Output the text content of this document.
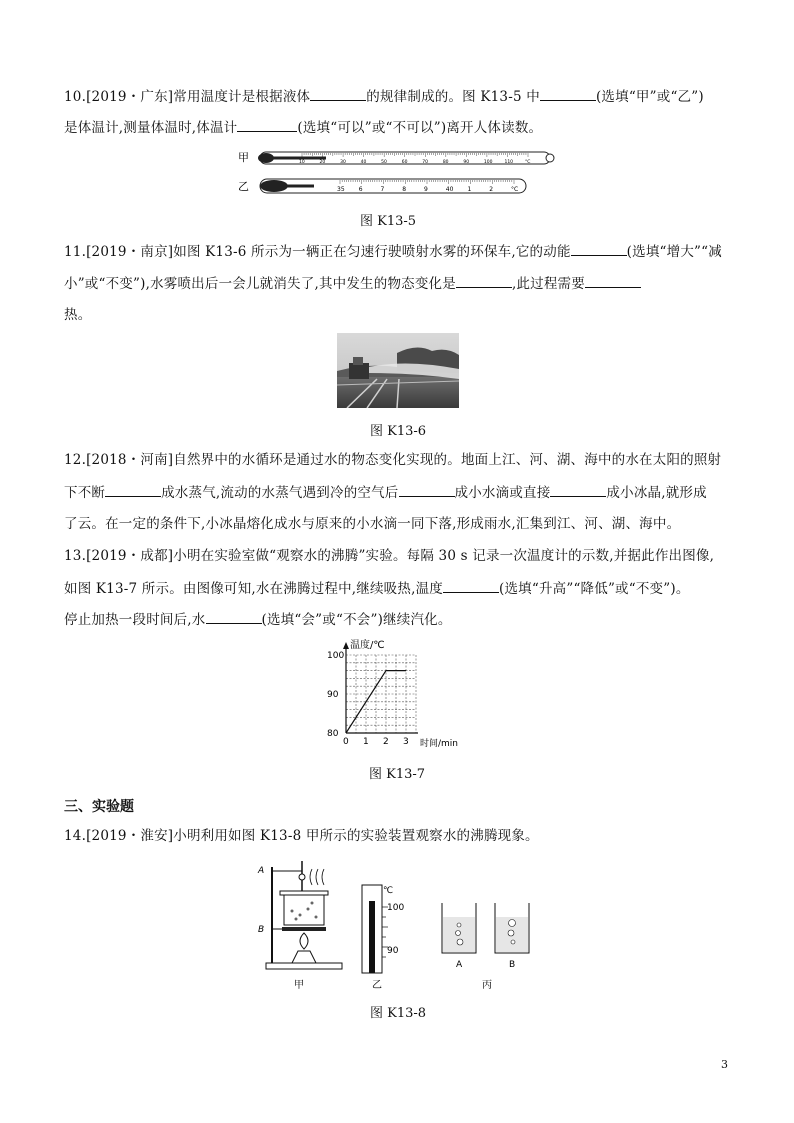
10.[2019・广东]常用温度计是根据液体	的规律制成的。图 K13-5 中	(选填“甲”或“乙”)
是体温计,测量体温时,体温计	(选填“可以”或“不可以”)离开人体读数。
甲
乙
10	20	30	40	50	60	70	80	90	100	110	°C
35 6	7	8	9	40 1	2	°C
图 K13-5
11.[2019・南京]如图 K13-6 所示为一辆正在匀速行驶喷射水雾的环保车,它的动能	(选填“增大”“减
小”或“不变”),水雾喷出后一会儿就消失了,其中发生的物态变化是	,此过程需要
热。
图 K13-6
12.[2018・河南]自然界中的水循环是通过水的物态变化实现的。地面上江、河、湖、海中的水在太阳的照射
下不断	成水蒸气,流动的水蒸气遇到冷的空气后	成小水滴或直接	成小冰晶,就形成
了云。在一定的条件下,小冰晶熔化成水与原来的小水滴一同下落,形成雨水,汇集到江、河、湖、海中。
13.[2019・成都]小明在实验室做“观察水的沸腾”实验。每隔 30 s 记录一次温度计的示数,并据此作出图像,
如图 K13-7 所示。由图像可知,水在沸腾过程中,继续吸热,温度	(选填“升高”“降低”或“不变”)。
停止加热一段时间后,水	(选填“会”或“不会”)继续汽化。
温度/℃
时间/min
80
90
100
0 1 2 3
图 K13-7
三、实验题
14.[2019・淮安]小明利用如图 K13-8 甲所示的实验装置观察水的沸腾现象。
A
B
甲
℃
100
90
乙
A	B
丙
图 K13-8
3
